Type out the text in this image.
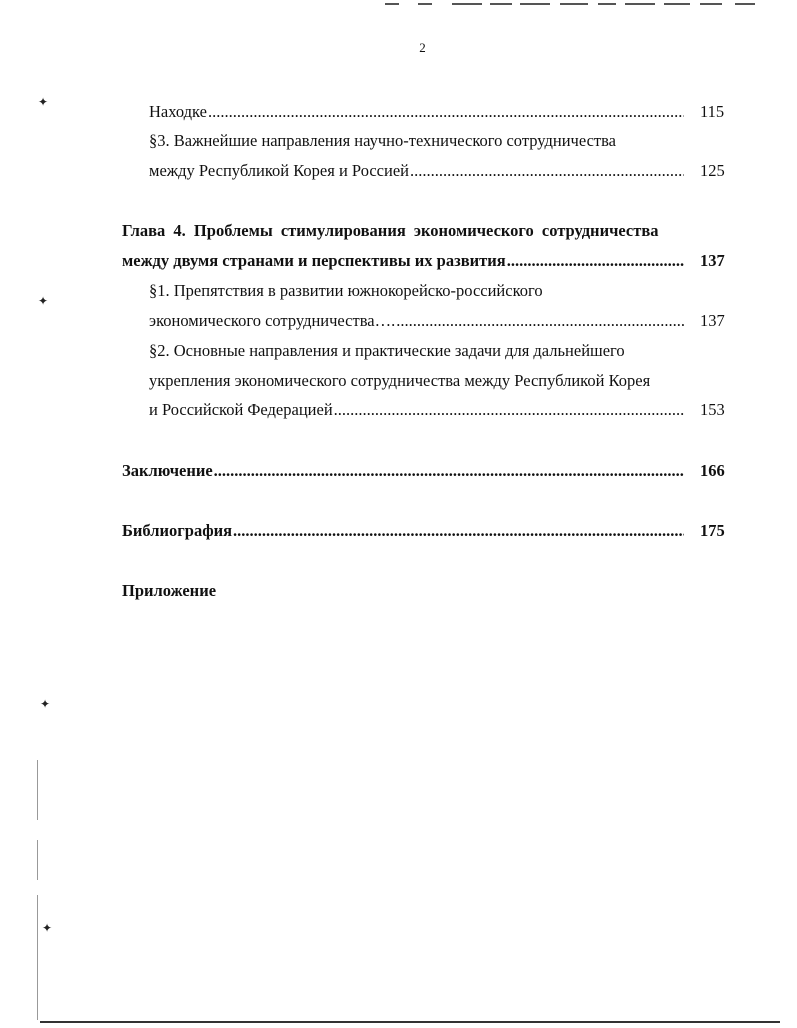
✦
✦
✦
✦
2
Находке .....	115
§3. Важнейшие направления научно-технического сотрудничества
между Республикой Корея и Россией .....	125
Глава 4. Проблемы стимулирования экономического сотрудничества
между двумя странами и перспективы их развития .....	137
§1. Препятствия в развитии южнокорейско-российского
экономического сотрудничества…. .....	137
§2. Основные направления и практические задачи для дальнейшего
укрепления экономического сотрудничества между Республикой Корея
и Российской Федерацией .....	153
Заключение .....	166
Библиография .....	175
Приложение
